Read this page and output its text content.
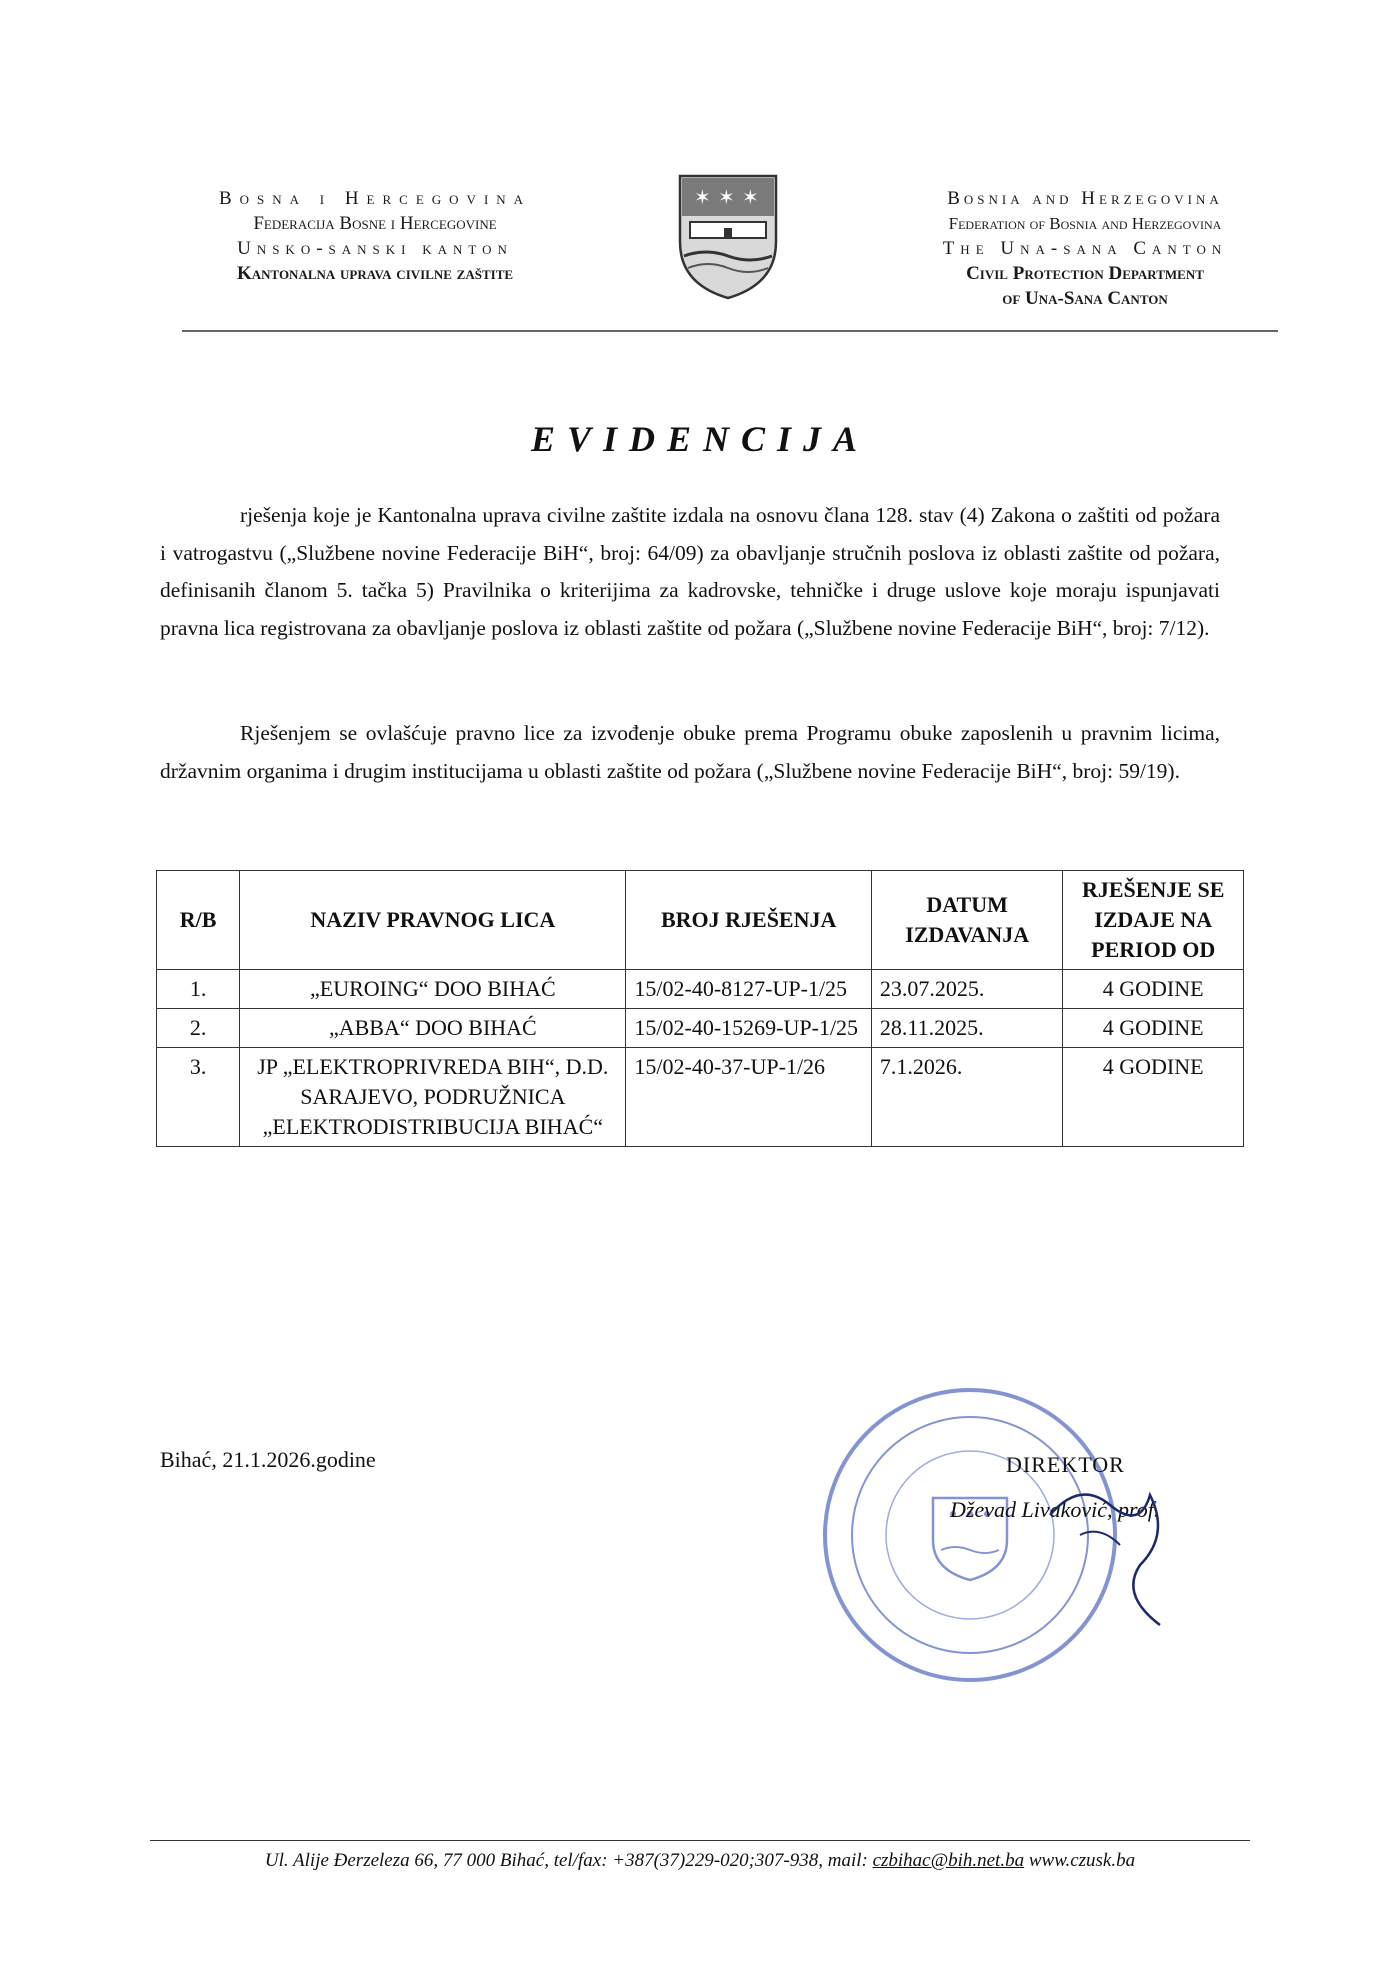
Bosna i Hercegovina
Federacija Bosne i Hercegovine
Unsko-sanski kanton
Kantonalna uprava civilne zaštite
✶ ✶ ✶	Bosnia and Herzegovina
Federation of Bosnia and Herzegovina
The Una-sana Canton
Civil Protection Department
of Una-Sana Canton
EVIDENCIJA

rješenja koje je Kantonalna uprava civilne zaštite izdala na osnovu člana 128. stav (4) Zakona o zaštiti od požara i vatrogastvu („Službene novine Federacije BiH“, broj: 64/09) za obavljanje stručnih poslova iz oblasti zaštite od požara, definisanih članom 5. tačka 5) Pravilnika o kriterijima za kadrovske, tehničke i druge uslove koje moraju ispunjavati pravna lica registrovana za obavljanje poslova iz oblasti zaštite od požara („Službene novine Federacije BiH“, broj: 7/12).

Rješenjem se ovlašćuje pravno lice za izvođenje obuke prema Programu obuke zaposlenih u pravnim licima, državnim organima i drugim institucijama u oblasti zaštite od požara („Službene novine Federacije BiH“, broj: 59/19).

R/B	NAZIV PRAVNOG LICA	BROJ RJEŠENJA	DATUM IZDAVANJA	RJEŠENJE SE IZDAJE NA PERIOD OD
1.	„EUROING“ DOO BIHAĆ	15/02-40-8127-UP-1/25	23.07.2025.	4 GODINE
2.	„ABBA“ DOO BIHAĆ	15/02-40-15269-UP-1/25	28.11.2025.	4 GODINE
3.	JP „ELEKTROPRIVREDA BIH“, D.D. SARAJEVO, PODRUŽNICA „ELEKTRODISTRIBUCIJA BIHAĆ“	15/02-40-37-UP-1/26	7.1.2026.	4 GODINE
Bihać, 21.1.2026.godine	DIREKTOR
Dževad Livaković, prof.
Ul. Alije Đerzeleza 66, 77 000 Bihać, tel/fax: +387(37)229-020;307-938, mail: czbihac@bih.net.ba www.czusk.ba
